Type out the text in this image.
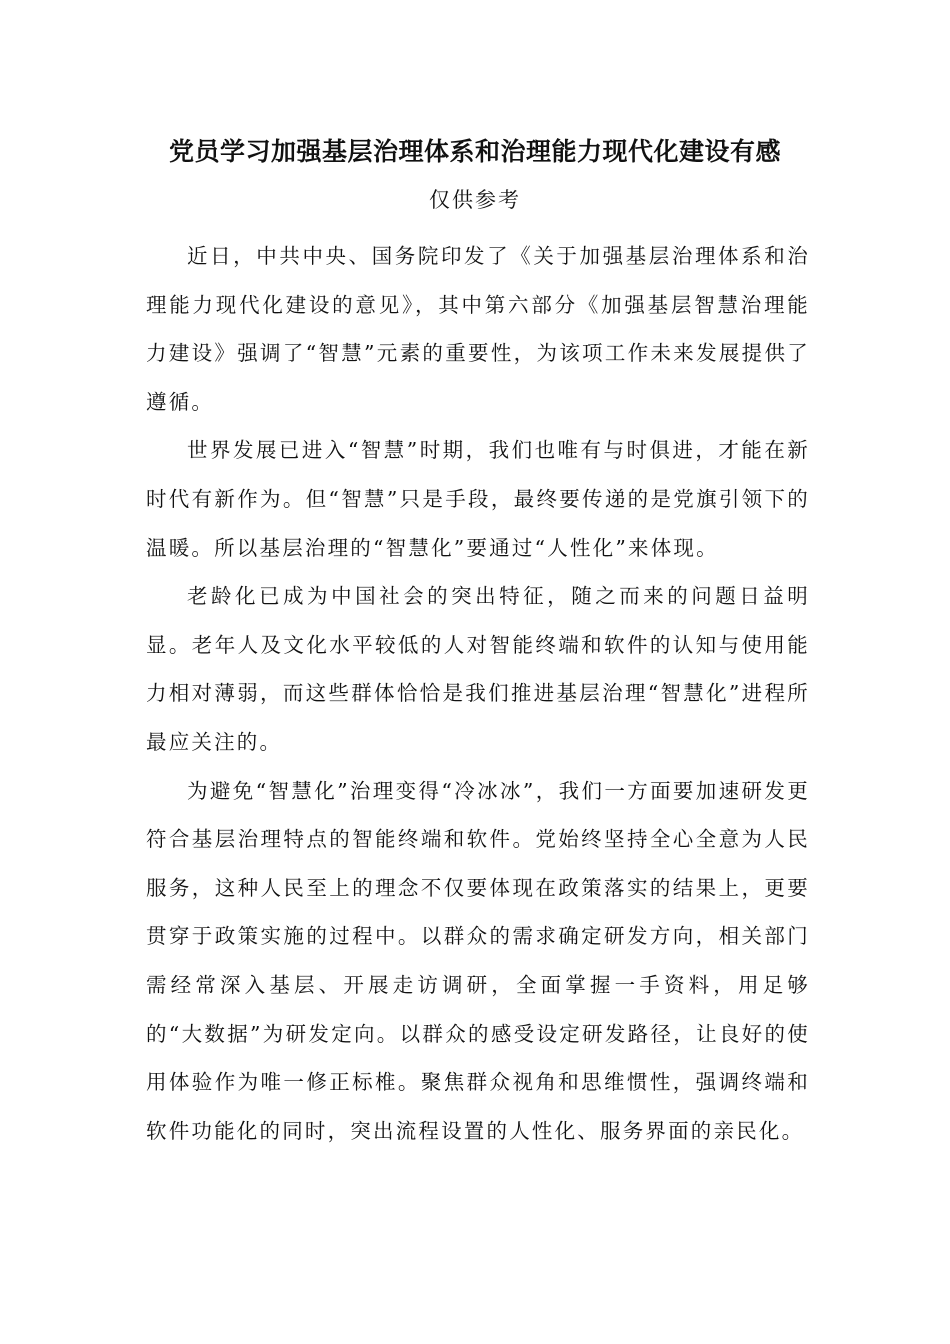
党员学习加强基层治理体系和治理能力现代化建设有感
仅供参考

近日，中共中央、国务院印发了《关于加强基层治理体系和治理能力现代化建设的意见》，其中第六部分《加强基层智慧治理能力建设》强调了“智慧”元素的重要性，为该项工作未来发展提供了遵循。

世界发展已进入“智慧”时期，我们也唯有与时俱进，才能在新时代有新作为。但“智慧”只是手段，最终要传递的是党旗引领下的温暖。所以基层治理的“智慧化”要通过“人性化”来体现。

老龄化已成为中国社会的突出特征，随之而来的问题日益明显。老年人及文化水平较低的人对智能终端和软件的认知与使用能力相对薄弱，而这些群体恰恰是我们推进基层治理“智慧化”进程所最应关注的。

为避免“智慧化”治理变得“冷冰冰”，我们一方面要加速研发更符合基层治理特点的智能终端和软件。党始终坚持全心全意为人民服务，这种人民至上的理念不仅要体现在政策落实的结果上，更要贯穿于政策实施的过程中。以群众的需求确定研发方向，相关部门需经常深入基层、开展走访调研，全面掌握一手资料，用足够的“大数据”为研发定向。以群众的感受设定研发路径，让良好的使用体验作为唯一修正标椎。聚焦群众视角和思维惯性，强调终端和软件功能化的同时，突出流程设置的人性化、服务界面的亲民化。
